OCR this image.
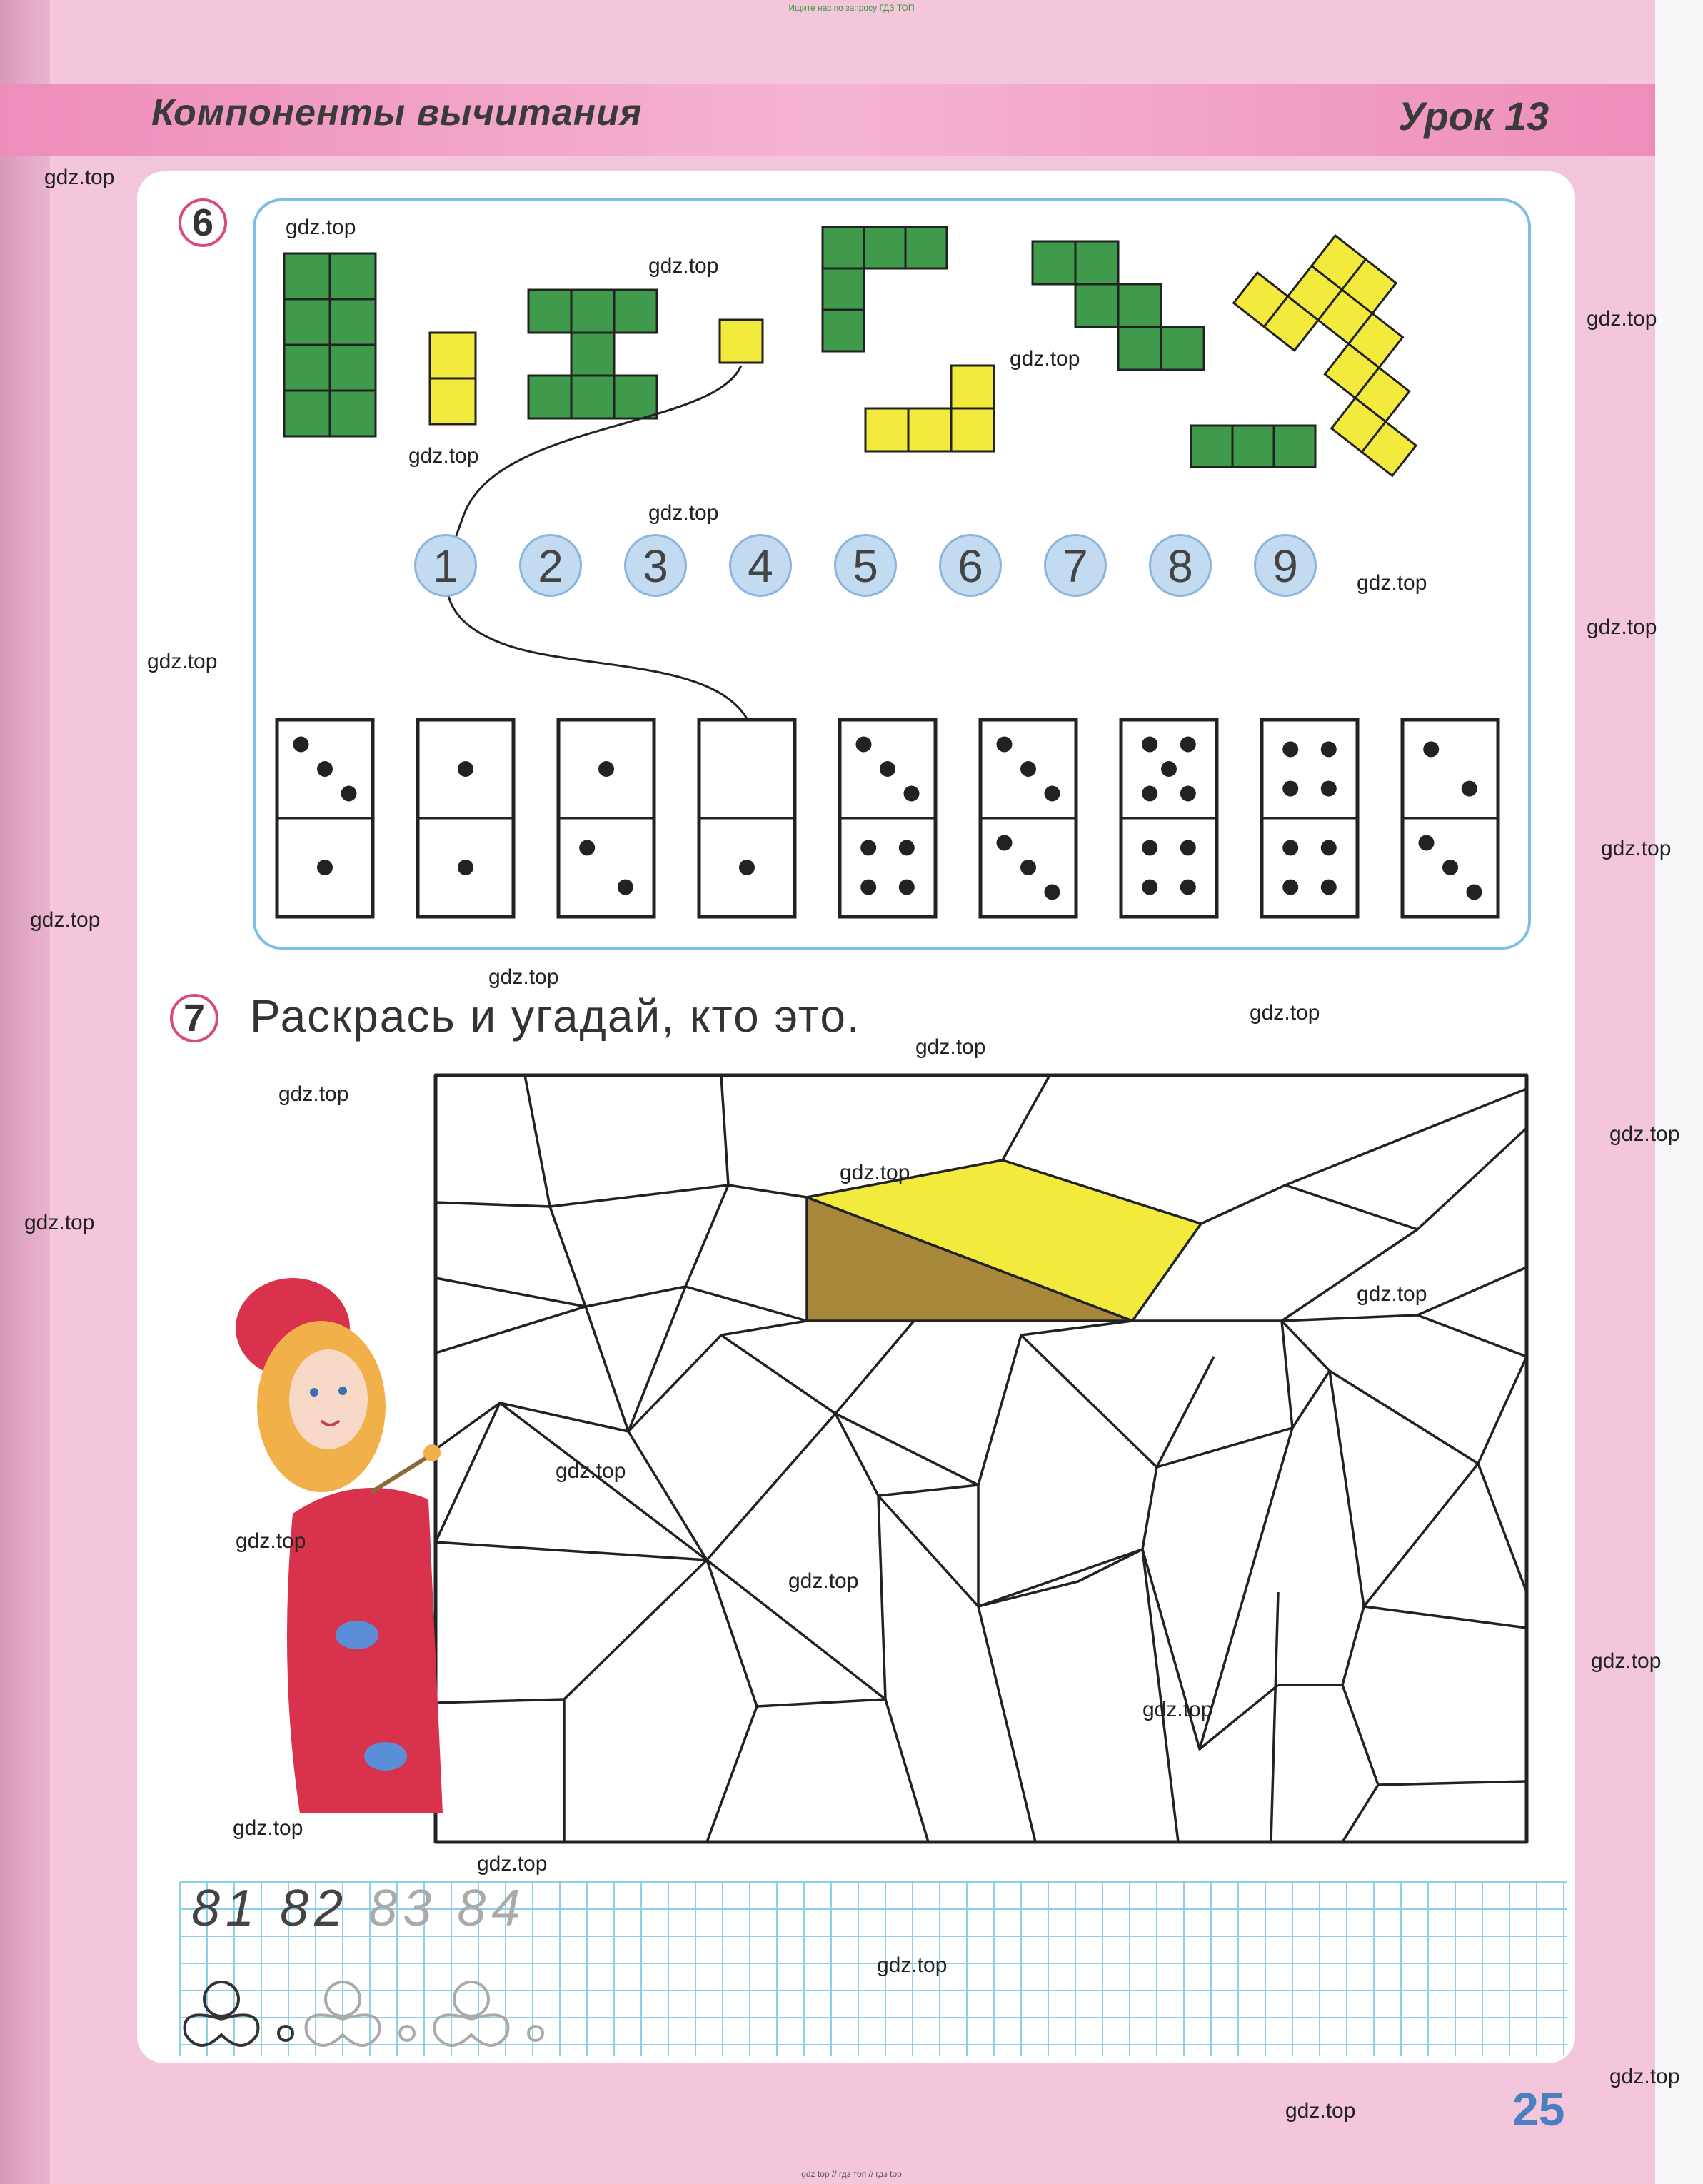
Ищите нас по запросу ГДЗ ТОП
Компоненты вычитания	Урок 13
6
1	2	3	4	5	6	7	8	9
7 Раскрась и угадай, кто это.
81 82 83 84
gdz.top
gdz.top
gdz.top
gdz.top
gdz.top
gdz.top
gdz.top
gdz.top
gdz.top
gdz.top
gdz.top
gdz.top
gdz.top
gdz.top
gdz.top
gdz.top
gdz.top
gdz.top
gdz.top
gdz.top
gdz.top
gdz.top
gdz.top
gdz.top
gdz.top
gdz.top
gdz.top
gdz.top
gdz.top
gdz.top	25
gdz top // гдз топ // гдз top
